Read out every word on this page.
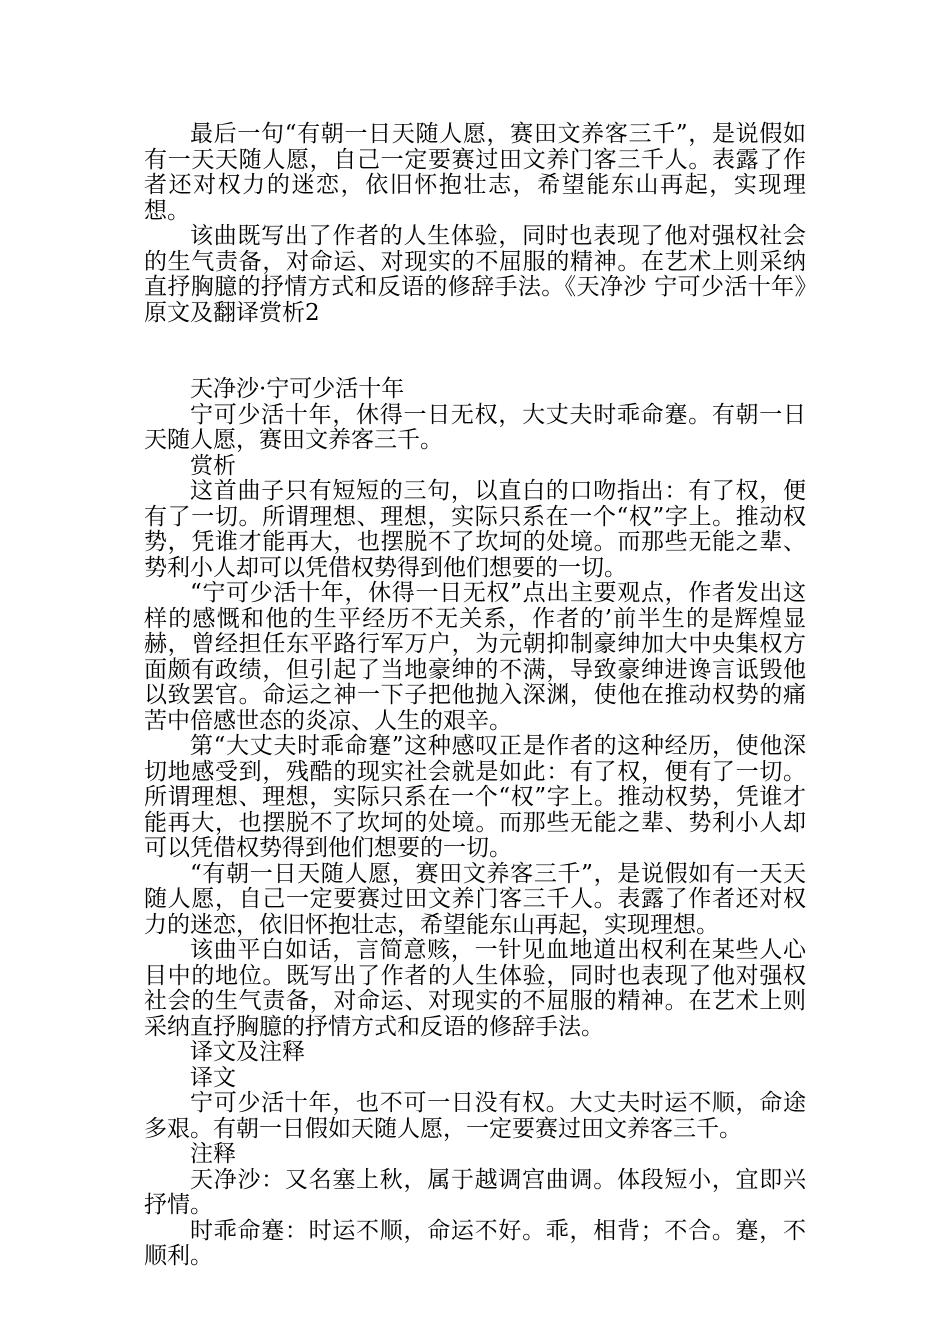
最后一句“有朝一日天随人愿，赛田文养客三千”，是说假如有一天天随人愿，自己一定要赛过田文养门客三千人。表露了作者还对权力的迷恋，依旧怀抱壮志，希望能东山再起，实现理想。

该曲既写出了作者的人生体验，同时也表现了他对强权社会的生气责备，对命运、对现实的不屈服的精神。在艺术上则采纳直抒胸臆的抒情方式和反语的修辞手法。《天净沙 宁可少活十年》原文及翻译赏析2

天净沙·宁可少活十年

宁可少活十年，休得一日无权，大丈夫时乖命蹇。有朝一日天随人愿，赛田文养客三千。

赏析

这首曲子只有短短的三句，以直白的口吻指出：有了权，便有了一切。所谓理想、理想，实际只系在一个“权”字上。推动权势，凭谁才能再大，也摆脱不了坎坷的处境。而那些无能之辈、势利小人却可以凭借权势得到他们想要的一切。

“宁可少活十年，休得一日无权”点出主要观点，作者发出这样的感慨和他的生平经历不无关系，作者的’前半生的是辉煌显赫，曾经担任东平路行军万户，为元朝抑制豪绅加大中央集权方面颇有政绩，但引起了当地豪绅的不满，导致豪绅进谗言诋毁他以致罢官。命运之神一下子把他抛入深渊，使他在推动权势的痛苦中倍感世态的炎凉、人生的艰辛。

第“大丈夫时乖命蹇”这种感叹正是作者的这种经历，使他深切地感受到，残酷的现实社会就是如此：有了权，便有了一切。所谓理想、理想，实际只系在一个“权”字上。推动权势，凭谁才能再大，也摆脱不了坎坷的处境。而那些无能之辈、势利小人却可以凭借权势得到他们想要的一切。

“有朝一日天随人愿，赛田文养客三千”，是说假如有一天天随人愿，自己一定要赛过田文养门客三千人。表露了作者还对权力的迷恋，依旧怀抱壮志，希望能东山再起，实现理想。

该曲平白如话，言简意赅，一针见血地道出权利在某些人心目中的地位。既写出了作者的人生体验，同时也表现了他对强权社会的生气责备，对命运、对现实的不屈服的精神。在艺术上则采纳直抒胸臆的抒情方式和反语的修辞手法。

译文及注释

译文

宁可少活十年，也不可一日没有权。大丈夫时运不顺，命途多艰。有朝一日假如天随人愿，一定要赛过田文养客三千。

注释

天净沙：又名塞上秋，属于越调宫曲调。体段短小，宜即兴抒情。

时乖命蹇：时运不顺，命运不好。乖，相背；不合。蹇，不顺利。
